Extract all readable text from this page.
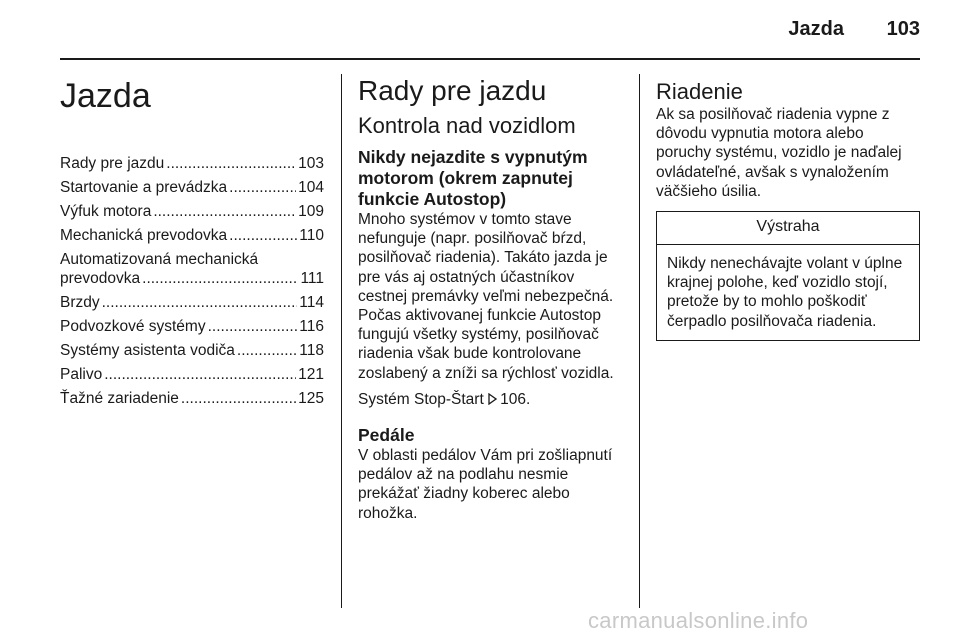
Jazda 103
Jazda
Rady pre jazdu .....	103
Startovanie a prevádzka .....	104
Výfuk motora .....	109
Mechanická prevodovka .....	110
Automatizovaná mechanická
prevodovka .....	111
Brzdy .....	114
Podvozkové systémy .....	116
Systémy asistenta vodiča .....	118
Palivo .....	121
Ťažné zariadenie .....	125
Rady pre jazdu
Kontrola nad vozidlom
Nikdy nejazdite s vypnutým motorom (okrem zapnutej funkcie Autostop)

Mnoho systémov v tomto stave nefunguje (napr. posilňovač bŕzd, posilňovač riadenia). Takáto jazda je pre vás aj ostatných účastníkov cestnej premávky veľmi nebezpečná. Počas aktivovanej funkcie Autostop fungujú všetky systémy, posilňovač riadenia však bude kontrolovane zoslabený a zníži sa rýchlosť vozidla.

Systém Stop-Štart 106.

Pedále

V oblasti pedálov Vám pri zošliapnutí pedálov až na podlahu nesmie prekážať žiadny koberec alebo rohožka.

Riadenie

Ak sa posilňovač riadenia vypne z dôvodu vypnutia motora alebo poruchy systému, vozidlo je naďalej ovládateľné, avšak s vynaložením väčšieho úsilia.

Výstraha
Nikdy nenechávajte volant v úplne krajnej polohe, keď vozidlo stojí, pretože by to mohlo poškodiť čerpadlo posilňovača riadenia.
carmanualsonline.info
